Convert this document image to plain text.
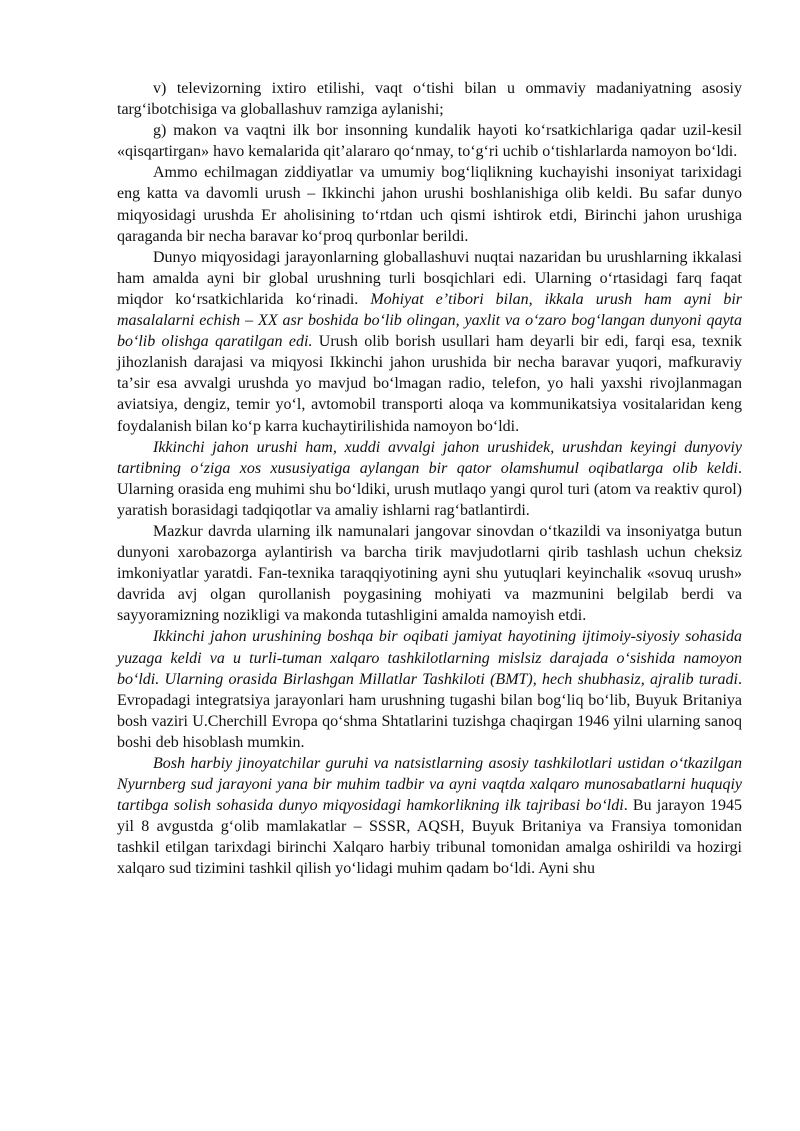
v) televizorning ixtiro etilishi, vaqt oʻtishi bilan u ommaviy madaniyatning asosiy targʻibotchisiga va globallashuv ramziga aylanishi;

g) makon va vaqtni ilk bor insonning kundalik hayoti koʻrsatkichlariga qadar uzil-kesil «qisqartirgan» havo kemalarida qitʼalararo qoʻnmay, toʻgʻri uchib oʻtishlarlarda namoyon boʻldi.

Ammo echilmagan ziddiyatlar va umumiy bogʻliqlikning kuchayishi insoniyat tarixidagi eng katta va davomli urush – Ikkinchi jahon urushi boshlanishiga olib keldi. Bu safar dunyo miqyosidagi urushda Er aholisining toʻrtdan uch qismi ishtirok etdi, Birinchi jahon urushiga qaraganda bir necha baravar koʻproq qurbonlar berildi.

Dunyo miqyosidagi jarayonlarning globallashuvi nuqtai nazaridan bu urushlarning ikkalasi ham amalda ayni bir global urushning turli bosqichlari edi. Ularning oʻrtasidagi farq faqat miqdor koʻrsatkichlarida koʻrinadi. Mohiyat eʼtibori bilan, ikkala urush ham ayni bir masalalarni echish – XX asr boshida boʻlib olingan, yaxlit va oʻzaro bogʻlangan dunyoni qayta boʻlib olishga qaratilgan edi. Urush olib borish usullari ham deyarli bir edi, farqi esa, texnik jihozlanish darajasi va miqyosi Ikkinchi jahon urushida bir necha baravar yuqori, mafkuraviy taʼsir esa avvalgi urushda yo mavjud boʻlmagan radio, telefon, yo hali yaxshi rivojlanmagan aviatsiya, dengiz, temir yoʻl, avtomobil transporti aloqa va kommunikatsiya vositalaridan keng foydalanish bilan koʻp karra kuchaytirilishida namoyon boʻldi.

Ikkinchi jahon urushi ham, xuddi avvalgi jahon urushidek, urushdan keyingi dunyoviy tartibning oʻziga xos xususiyatiga aylangan bir qator olamshumul oqibatlarga olib keldi. Ularning orasida eng muhimi shu boʻldiki, urush mutlaqo yangi qurol turi (atom va reaktiv qurol) yaratish borasidagi tadqiqotlar va amaliy ishlarni ragʻbatlantirdi.

Mazkur davrda ularning ilk namunalari jangovar sinovdan oʻtkazildi va insoniyatga butun dunyoni xarobazorga aylantirish va barcha tirik mavjudotlarni qirib tashlash uchun cheksiz imkoniyatlar yaratdi. Fan-texnika taraqqiyotining ayni shu yutuqlari keyinchalik «sovuq urush» davrida avj olgan qurollanish poygasining mohiyati va mazmunini belgilab berdi va sayyoramizning nozikligi va makonda tutashligini amalda namoyish etdi.

Ikkinchi jahon urushining boshqa bir oqibati jamiyat hayotining ijtimoiy-siyosiy sohasida yuzaga keldi va u turli-tuman xalqaro tashkilotlarning mislsiz darajada oʻsishida namoyon boʻldi. Ularning orasida Birlashgan Millatlar Tashkiloti (BMT), hech shubhasiz, ajralib turadi. Evropadagi integratsiya jarayonlari ham urushning tugashi bilan bogʻliq boʻlib, Buyuk Britaniya bosh vaziri U.Cherchill Evropa qoʻshma Shtatlarini tuzishga chaqirgan 1946 yilni ularning sanoq boshi deb hisoblash mumkin.

Bosh harbiy jinoyatchilar guruhi va natsistlarning asosiy tashkilotlari ustidan oʻtkazilgan Nyurnberg sud jarayoni yana bir muhim tadbir va ayni vaqtda xalqaro munosabatlarni huquqiy tartibga solish sohasida dunyo miqyosidagi hamkorlikning ilk tajribasi boʻldi. Bu jarayon 1945 yil 8 avgustda gʻolib mamlakatlar – SSSR, AQSH, Buyuk Britaniya va Fransiya tomonidan tashkil etilgan tarixdagi birinchi Xalqaro harbiy tribunal tomonidan amalga oshirildi va hozirgi xalqaro sud tizimini tashkil qilish yoʻlidagi muhim qadam boʻldi. Ayni shu
